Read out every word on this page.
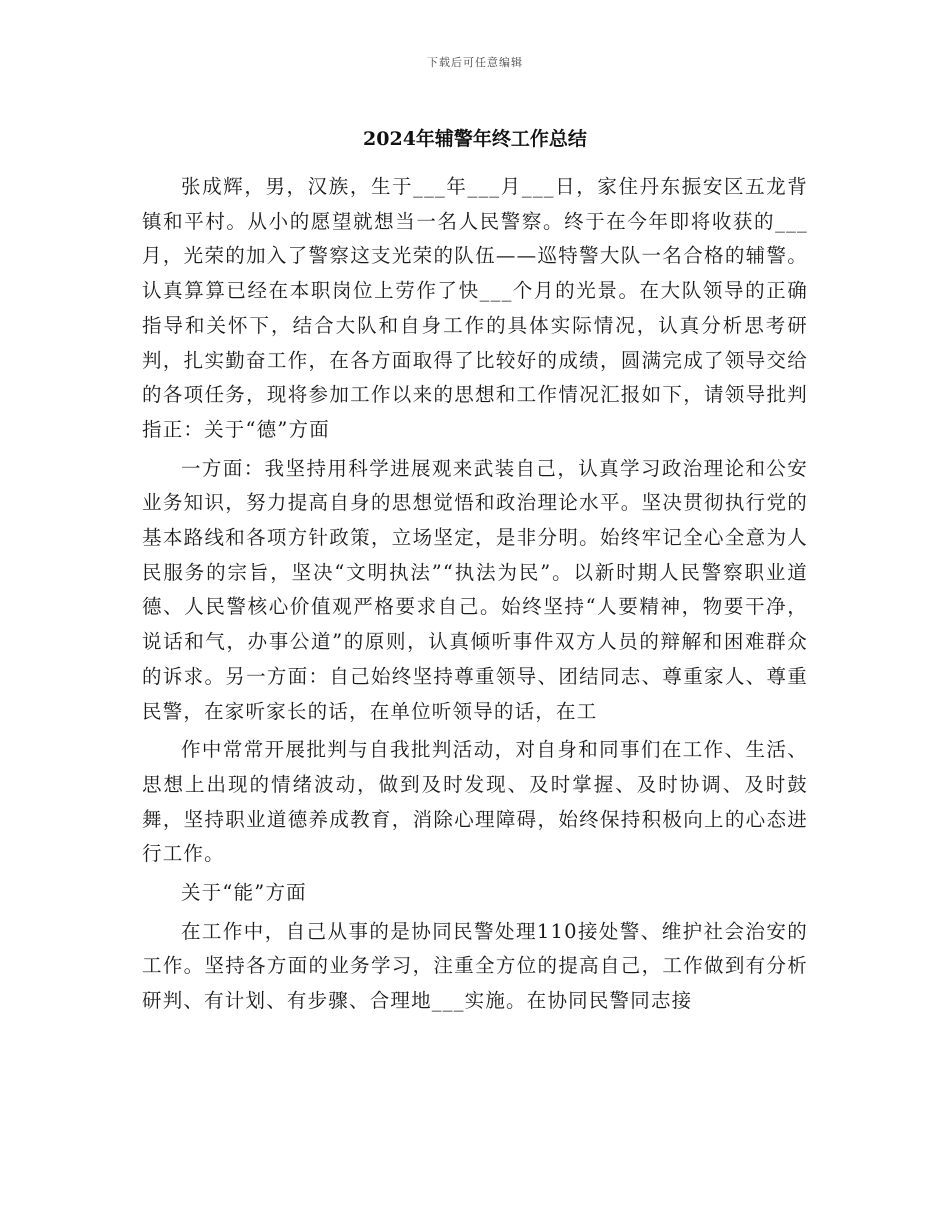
下载后可任意编辑
2024年辅警年终工作总结

张成辉，男，汉族，生于___年___月___日，家住丹东振安区五龙背镇和平村。从小的愿望就想当一名人民警察。终于在今年即将收获的___月，光荣的加入了警察这支光荣的队伍——巡特警大队一名合格的辅警。认真算算已经在本职岗位上劳作了快___个月的光景。在大队领导的正确指导和关怀下，结合大队和自身工作的具体实际情况，认真分析思考研判，扎实勤奋工作，在各方面取得了比较好的成绩，圆满完成了领导交给的各项任务，现将参加工作以来的思想和工作情况汇报如下，请领导批判指正：关于“德”方面

一方面：我坚持用科学进展观来武装自己，认真学习政治理论和公安业务知识，努力提高自身的思想觉悟和政治理论水平。坚决贯彻执行党的基本路线和各项方针政策，立场坚定，是非分明。始终牢记全心全意为人民服务的宗旨，坚决“文明执法”“执法为民”。以新时期人民警察职业道德、人民警核心价值观严格要求自己。始终坚持“人要精神，物要干净，说话和气，办事公道”的原则，认真倾听事件双方人员的辩解和困难群众的诉求。另一方面：自己始终坚持尊重领导、团结同志、尊重家人、尊重民警，在家听家长的话，在单位听领导的话，在工

作中常常开展批判与自我批判活动，对自身和同事们在工作、生活、思想上出现的情绪波动，做到及时发现、及时掌握、及时协调、及时鼓舞，坚持职业道德养成教育，消除心理障碍，始终保持积极向上的心态进行工作。

关于“能”方面

在工作中，自己从事的是协同民警处理110接处警、维护社会治安的工作。坚持各方面的业务学习，注重全方位的提高自己，工作做到有分析研判、有计划、有步骤、合理地___实施。在协同民警同志接
